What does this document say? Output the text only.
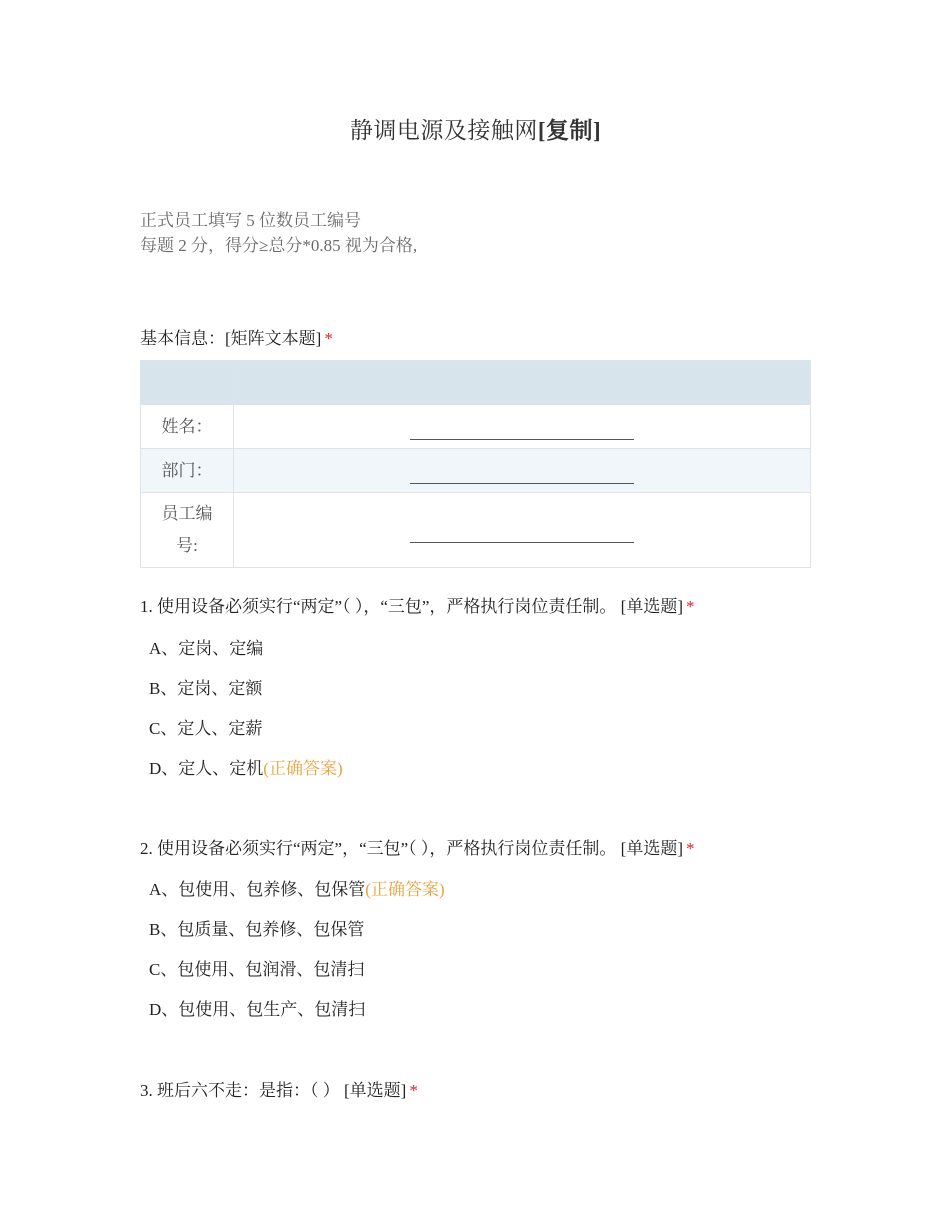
静调电源及接触网[复制]
正式员工填写 5 位数员工编号
每题 2 分，得分≥总分*0.85 视为合格,
基本信息：[矩阵文本题] *

姓名：	
部门：	

员工编
号:	

1. 使用设备必须实行“两定”（ ），“三包”，严格执行岗位责任制。 [单选题] *
A、定岗、定编
B、定岗、定额
C、定人、定薪
D、定人、定机(正确答案)
2. 使用设备必须实行“两定”，“三包”（ ），严格执行岗位责任制。 [单选题] *
A、包使用、包养修、包保管(正确答案)
B、包质量、包养修、包保管
C、包使用、包润滑、包清扫
D、包使用、包生产、包清扫
3. 班后六不走：是指：（ ） [单选题] *
